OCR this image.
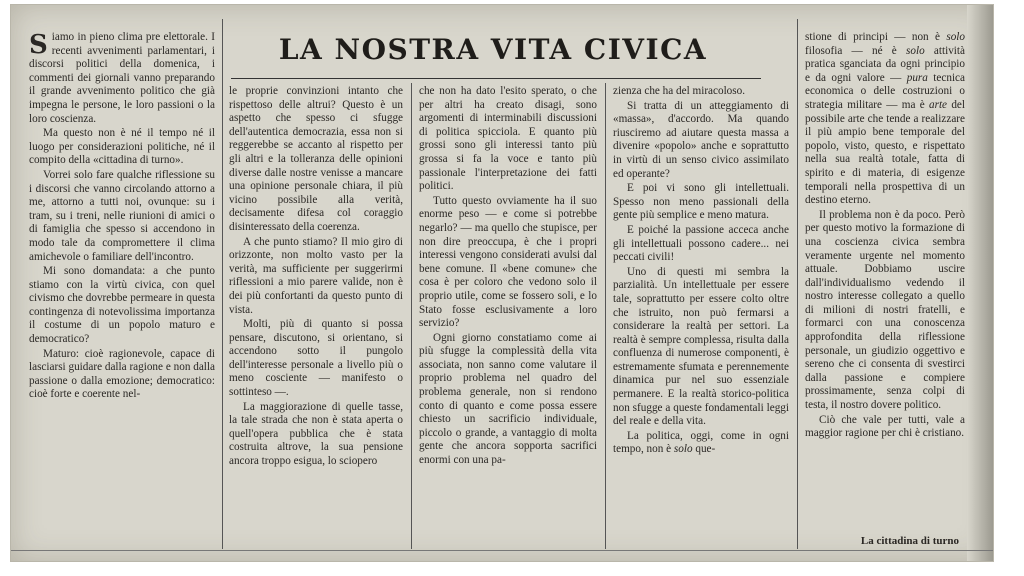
LA NOSTRA VITA CIVICA

Siamo in pieno clima pre elettorale. I recenti avvenimenti parlamentari, i discorsi politici della domenica, i commenti dei giornali vanno preparando il grande avvenimento politico che già impegna le persone, le loro passioni o la loro coscienza.

Ma questo non è né il tempo né il luogo per considerazioni politiche, né il compito della «cittadina di turno».

Vorrei solo fare qualche riflessione su i discorsi che vanno circolando attorno a me, attorno a tutti noi, ovunque: su i tram, su i treni, nelle riunioni di amici o di famiglia che spesso si accendono in modo tale da compromettere il clima amichevole o familiare dell'incontro.

Mi sono domandata: a che punto stiamo con la virtù civica, con quel civismo che dovrebbe permeare in questa contingenza di notevolissima importanza il costume di un popolo maturo e democratico?

Maturo: cioè ragionevole, capace di lasciarsi guidare dalla ragione e non dalla passione o dalla emozione; democratico: cioè forte e coerente nel-

le proprie convinzioni intanto che rispettoso delle altrui? Questo è un aspetto che spesso ci sfugge dell'autentica democrazia, essa non si reggerebbe se accanto al rispetto per gli altri e la tolleranza delle opinioni diverse dalle nostre venisse a mancare una opinione personale chiara, il più vicino possibile alla verità, decisamente difesa col coraggio disinteressato della coerenza.

A che punto stiamo? Il mio giro di orizzonte, non molto vasto per la verità, ma sufficiente per suggerirmi riflessioni a mio parere valide, non è dei più confortanti da questo punto di vista.

Molti, più di quanto si possa pensare, discutono, si orientano, si accendono sotto il pungolo dell'interesse personale a livello più o meno cosciente — manifesto o sottinteso —.

La maggiorazione di quelle tasse, la tale strada che non è stata aperta o quell'opera pubblica che è stata costruita altrove, la sua pensione ancora troppo esigua, lo sciopero

che non ha dato l'esito sperato, o che per altri ha creato disagi, sono argomenti di interminabili discussioni di politica spicciola. E quanto più grossi sono gli interessi tanto più grossa si fa la voce e tanto più passionale l'interpretazione dei fatti politici.

Tutto questo ovviamente ha il suo enorme peso — e come si potrebbe negarlo? — ma quello che stupisce, per non dire preoccupa, è che i propri interessi vengono considerati avulsi dal bene comune. Il «bene comune» che cosa è per coloro che vedono solo il proprio utile, come se fossero soli, e lo Stato fosse esclusivamente a loro servizio?

Ogni giorno constatiamo come ai più sfugge la complessità della vita associata, non sanno come valutare il proprio problema nel quadro del problema generale, non si rendono conto di quanto e come possa essere chiesto un sacrificio individuale, piccolo o grande, a vantaggio di molta gente che ancora sopporta sacrifici enormi con una pa-

zienza che ha del miracoloso.

Si tratta di un atteggiamento di «massa», d'accordo. Ma quando riusciremo ad aiutare questa massa a divenire «popolo» anche e soprattutto in virtù di un senso civico assimilato ed operante?

E poi vi sono gli intellettuali. Spesso non meno passionali della gente più semplice e meno matura.

E poiché la passione acceca anche gli intellettuali possono cadere... nei peccati civili!

Uno di questi mi sembra la parzialità. Un intellettuale per essere tale, soprattutto per essere colto oltre che istruito, non può fermarsi a considerare la realtà per settori. La realtà è sempre complessa, risulta dalla confluenza di numerose componenti, è estremamente sfumata e perennemente dinamica pur nel suo essenziale permanere. E la realtà storico-politica non sfugge a queste fondamentali leggi del reale e della vita.

La politica, oggi, come in ogni tempo, non è solo que-

stione di principi — non è solo filosofia — né è solo attività pratica sganciata da ogni principio e da ogni valore — pura tecnica economica o delle costruzioni o strategia militare — ma è arte del possibile arte che tende a realizzare il più ampio bene temporale del popolo, visto, questo, e rispettato nella sua realtà totale, fatta di spirito e di materia, di esigenze temporali nella prospettiva di un destino eterno.

Il problema non è da poco. Però per questo motivo la formazione di una coscienza civica sembra veramente urgente nel momento attuale. Dobbiamo uscire dall'individualismo vedendo il nostro interesse collegato a quello di milioni di nostri fratelli, e formarci con una conoscenza approfondita della riflessione personale, un giudizio oggettivo e sereno che ci consenta di svestirci dalla passione e compiere prossimamente, senza colpi di testa, il nostro dovere politico.

Ciò che vale per tutti, vale a maggior ragione per chi è cristiano.

La cittadina di turno
